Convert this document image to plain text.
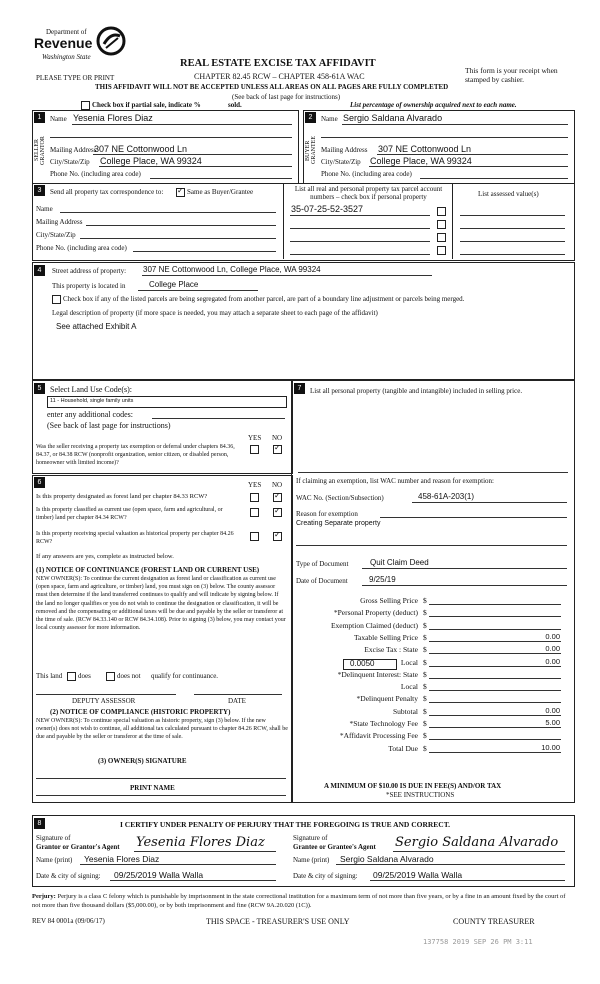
Department of
Revenue
Washington State
PLEASE TYPE OR PRINT
REAL ESTATE EXCISE TAX AFFIDAVIT
CHAPTER 82.45 RCW – CHAPTER 458-61A WAC
THIS AFFIDAVIT WILL NOT BE ACCEPTED UNLESS ALL AREAS ON ALL PAGES ARE FULLY COMPLETED
(See back of last page for instructions)
This form is your receipt when stamped by cashier.
Check box if partial sale, indicate %	sold.	List percentage of ownership acquired next to each name.
1
SELLER GRANTOR
Name Yesenia Flores Diaz
Mailing Address
307 NE Cottonwood Ln
City/State/Zip College Place, WA 99324
Phone No. (including area code)
2
BUYER GRANTEE
Name Sergio Saldana Alvarado
Mailing Address 307 NE Cottonwood Ln
City/State/Zip College Place, WA 99324
Phone No. (including area code)
3	Send all property tax correspondence to:
✓	Same as Buyer/Grantee
Name
Mailing Address
City/State/Zip
Phone No. (including area code)
List all real and personal property tax parcel account numbers – check box if personal property	List assessed value(s)
35-07-25-52-3527
4	Street address of property: 307 NE Cottonwood Ln, College Place, WA 99324
This property is located in	College Place
Check box if any of the listed parcels are being segregated from another parcel, are part of a boundary line adjustment or parcels being merged.
Legal description of property (if more space is needed, you may attach a separate sheet to each page of the affidavit)
See attached Exhibit A
5	Select Land Use Code(s):
11 - Household, single family units
enter any additional codes:
(See back of last page for instructions)
YES NO
Was the seller receiving a property tax exemption or deferral under chapters 84.36, 84.37, or 84.38 RCW (nonprofit organization, senior citizen, or disabled person, homeowner with limited income)?
✓
6	YES NO
Is this property designated as forest land per chapter 84.33 RCW?
✓
Is this property classified as current use (open space, farm and agricultural, or timber) land per chapter 84.34 RCW?
✓
Is this property receiving special valuation as historical property per chapter 84.26 RCW?
✓
If any answers are yes, complete as instructed below.
(1) NOTICE OF CONTINUANCE (FOREST LAND OR CURRENT USE)
NEW OWNER(S): To continue the current designation as forest land or classification as current use (open space, farm and agriculture, or timber) land, you must sign on (3) below. The county assessor must then determine if the land transferred continues to qualify and will indicate by signing below. If the land no longer qualifies or you do not wish to continue the designation or classification, it will be removed and the compensating or additional taxes will be due and payable by the seller or transferor at the time of sale. (RCW 84.33.140 or RCW 84.34.108). Prior to signing (3) below, you may contact your local county assessor for more information.
This land does	does not qualify for continuance.
DEPUTY ASSESSOR	DATE
(2) NOTICE OF COMPLIANCE (HISTORIC PROPERTY)
NEW OWNER(S): To continue special valuation as historic property, sign (3) below. If the new owner(s) does not wish to continue, all additional tax calculated pursuant to chapter 84.26 RCW, shall be due and payable by the seller or transferor at the time of sale.
(3) OWNER(S) SIGNATURE
PRINT NAME
7	List all personal property (tangible and intangible) included in selling price.
If claiming an exemption, list WAC number and reason for exemption:
WAC No. (Section/Subsection)	458-61A-203(1)
Reason for exemption
Creating Separate property
Type of Document	Quit Claim Deed
Date of Document	9/25/19
Gross Selling Price $
*Personal Property (deduct) $
Exemption Claimed (deduct) $
Taxable Selling Price $	0.00
Excise Tax : State $	0.00
Local $	0.00
*Delinquent Interest: State $
Local $
*Delinquent Penalty $
Subtotal $	0.00
*State Technology Fee $	5.00
*Affidavit Processing Fee $
Total Due $	10.00
0.0050
A MINIMUM OF $10.00 IS DUE IN FEE(S) AND/OR TAX
*SEE INSTRUCTIONS
8	I CERTIFY UNDER PENALTY OF PERJURY THAT THE FOREGOING IS TRUE AND CORRECT.
Signature of
Grantor or Grantor's Agent Yesenia Flores Diaz	Signature of
Grantee or Grantee's Agent Sergio Saldana Alvarado
Name (print) Yesenia Flores Diaz	Name (print) Sergio Saldana Alvarado
Date & city of signing: 09/25/2019 Walla Walla	Date & city of signing: 09/25/2019 Walla Walla
Perjury: Perjury is a class C felony which is punishable by imprisonment in the state correctional institution for a maximum term of not more than five years, or by a fine in an amount fixed by the court of not more than five thousand dollars ($5,000.00), or by both imprisonment and fine (RCW 9A.20.020 (1C)).
REV 84 0001a (09/06/17)	THIS SPACE - TREASURER'S USE ONLY	COUNTY TREASURER
137758 2019 SEP 26 PM 3:11
